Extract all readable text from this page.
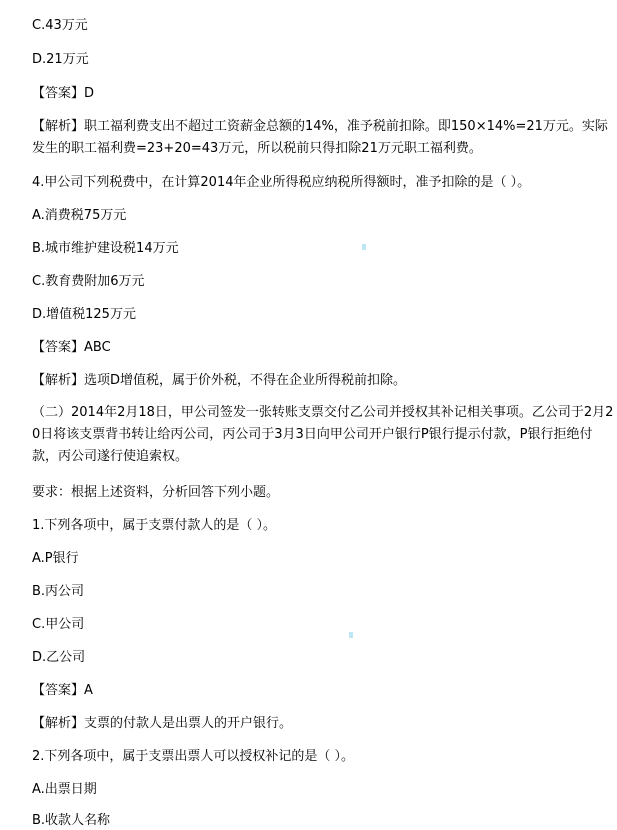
C.43万元
D.21万元
【答案】D
【解析】职工福利费支出不超过工资薪金总额的14%，准予税前扣除。即150×14%=21万元。实际发生的职工福利费=23+20=43万元，所以税前只得扣除21万元职工福利费。
4.甲公司下列税费中，在计算2014年企业所得税应纳税所得额时，准予扣除的是（ ）。
A.消费税75万元
B.城市维护建设税14万元
C.教育费附加6万元
D.增值税125万元
【答案】ABC
【解析】选项D增值税，属于价外税，不得在企业所得税前扣除。
（二）2014年2月18日，甲公司签发一张转账支票交付乙公司并授权其补记相关事项。乙公司于2月20日将该支票背书转让给丙公司，丙公司于3月3日向甲公司开户银行P银行提示付款，P银行拒绝付款，丙公司遂行使追索权。
要求：根据上述资料，分析回答下列小题。
1.下列各项中，属于支票付款人的是（ ）。
A.P银行
B.丙公司
C.甲公司
D.乙公司
【答案】A
【解析】支票的付款人是出票人的开户银行。
2.下列各项中，属于支票出票人可以授权补记的是（ ）。
A.出票日期
B.收款人名称
